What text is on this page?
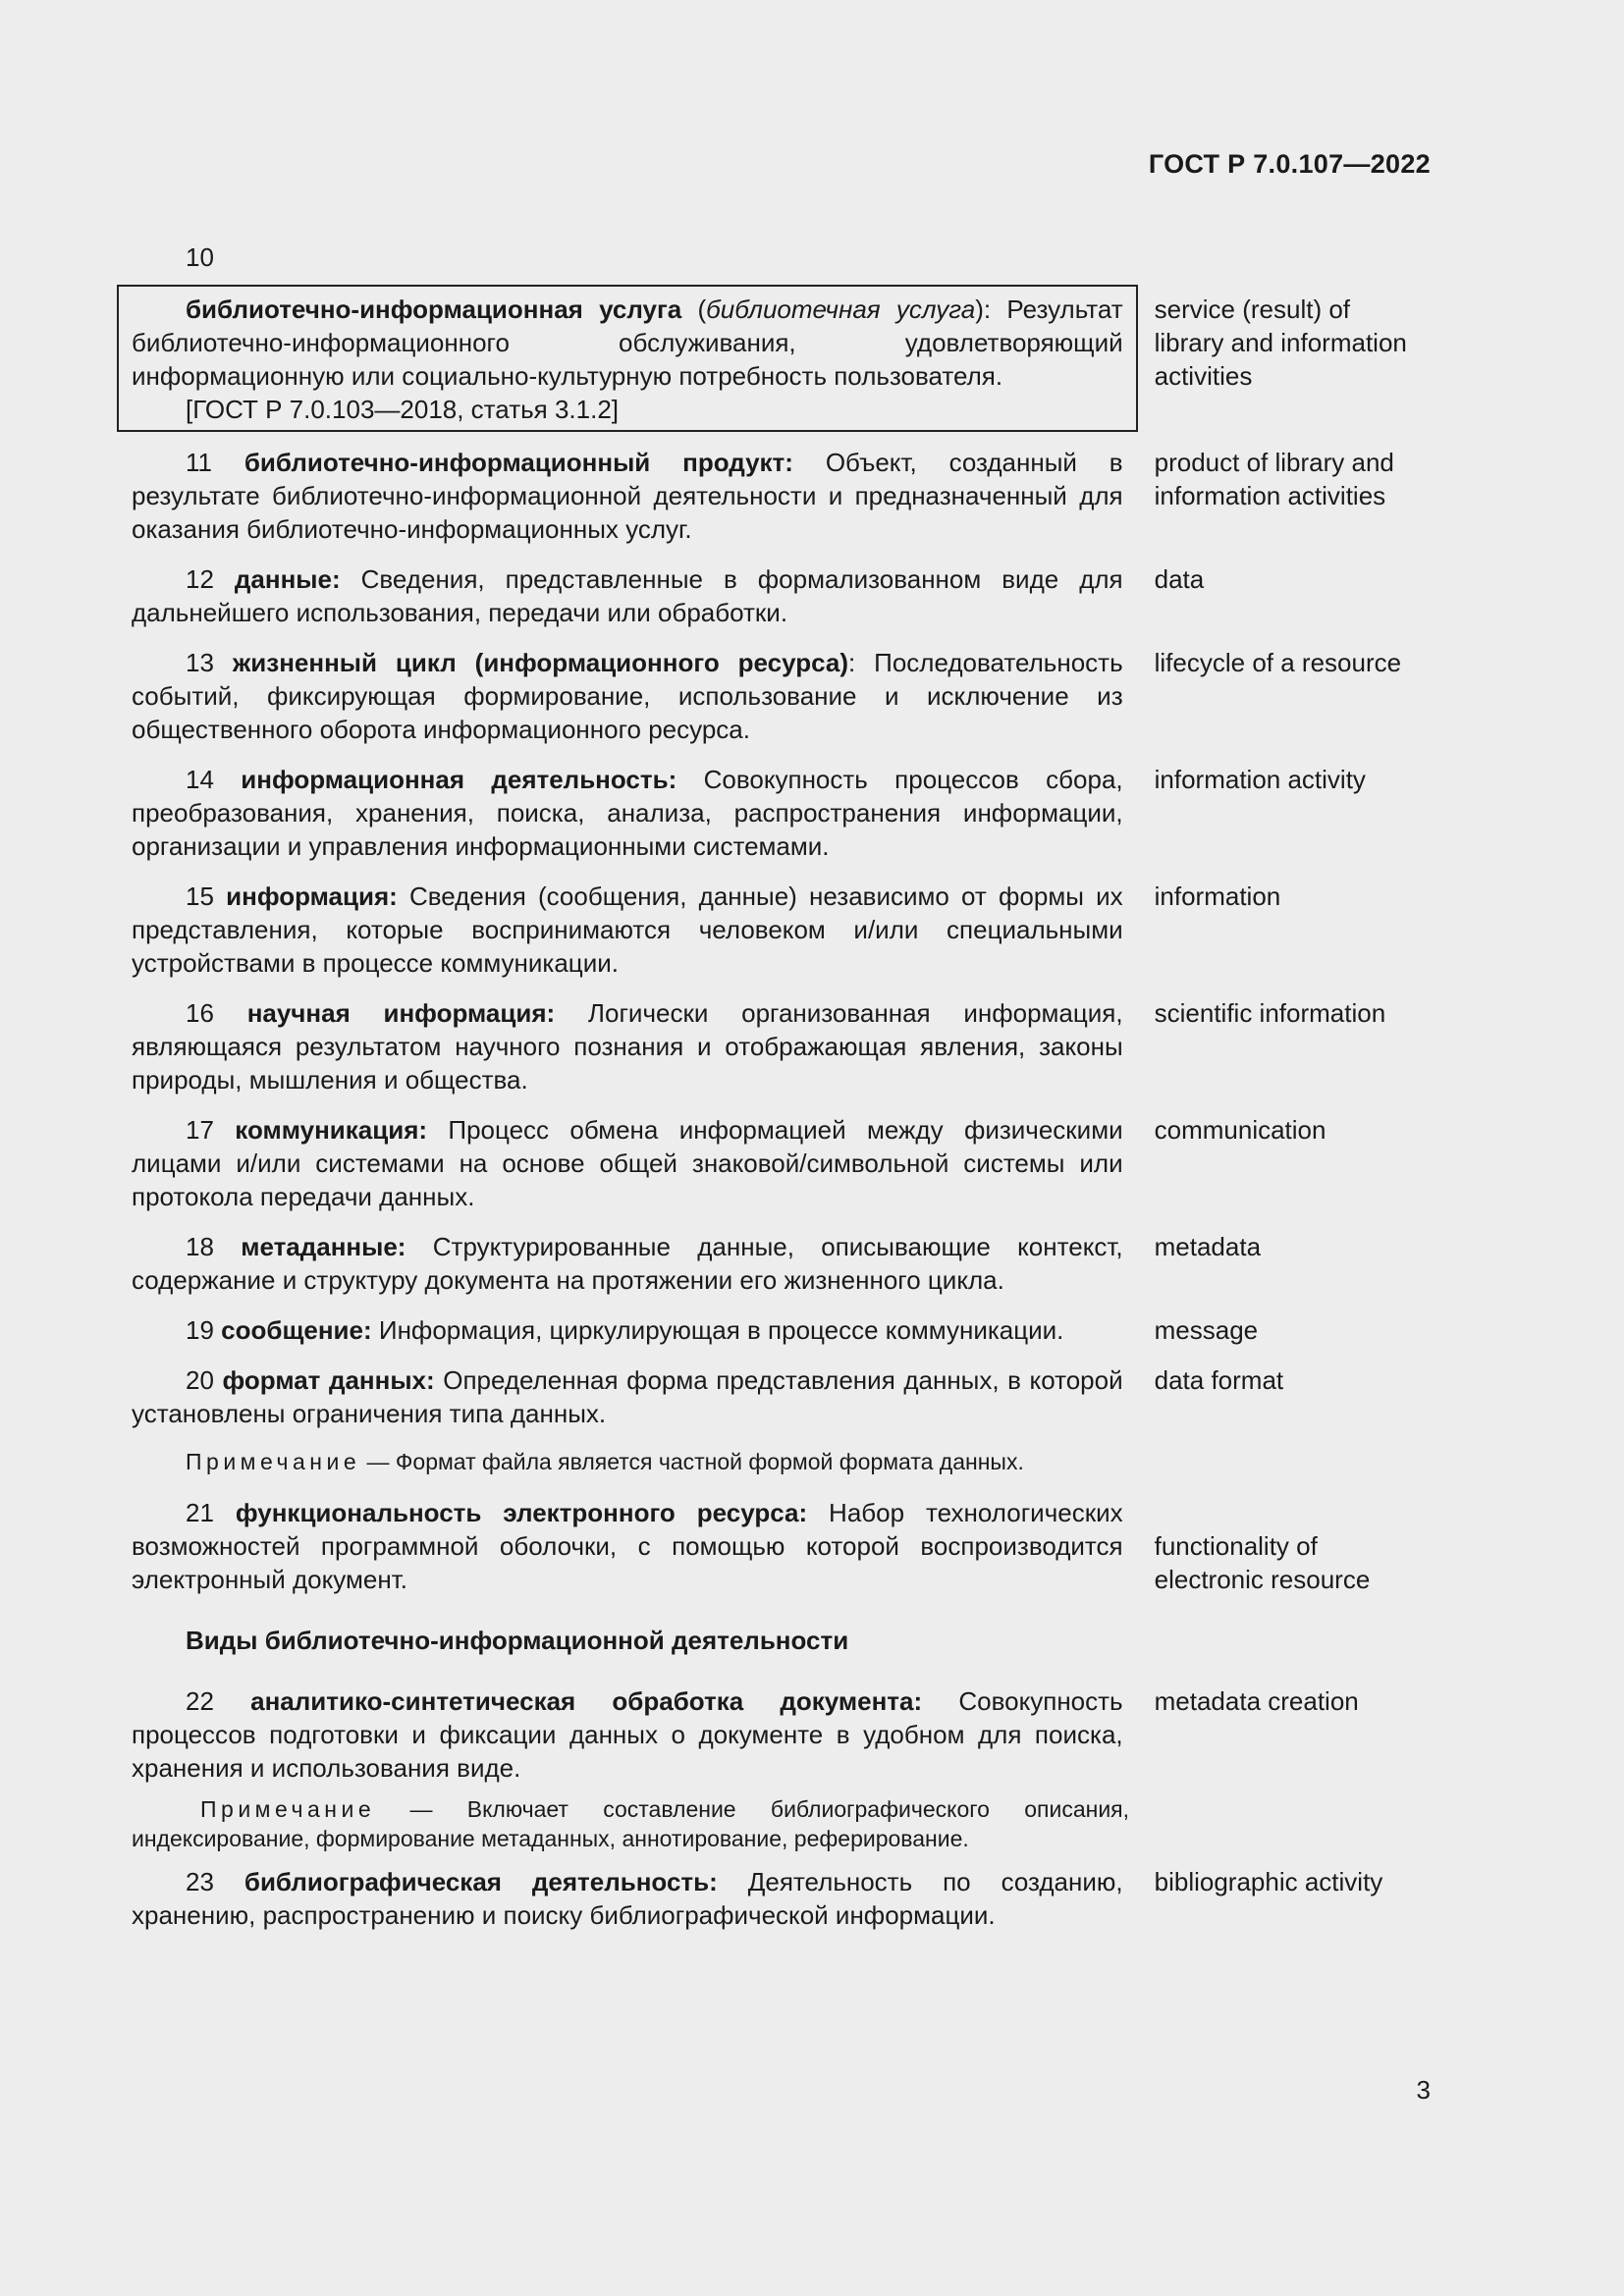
ГОСТ Р 7.0.107—2022
10
библиотечно-информационная услуга (библиотечная услуга): Результат библиотечно-информационного обслуживания, удовлетворяющий информационную или социально-культурную потребность пользователя.
[ГОСТ Р 7.0.103—2018, статья 3.1.2]
service (result) of library and information activities
11 библиотечно-информационный продукт: Объект, созданный в результате библиотечно-информационной деятельности и предназначенный для оказания библиотечно-информационных услуг.
product of library and information activities
12 данные: Сведения, представленные в формализованном виде для дальнейшего использования, передачи или обработки.
data
13 жизненный цикл (информационного ресурса): Последовательность событий, фиксирующая формирование, использование и исключение из общественного оборота информационного ресурса.
lifecycle of a resource
14 информационная деятельность: Совокупность процессов сбора, преобразования, хранения, поиска, анализа, распространения информации, организации и управления информационными системами.
information activity
15 информация: Сведения (сообщения, данные) независимо от формы их представления, которые воспринимаются человеком и/или специальными устройствами в процессе коммуникации.
information
16 научная информация: Логически организованная информация, являющаяся результатом научного познания и отображающая явления, законы природы, мышления и общества.
scientific information
17 коммуникация: Процесс обмена информацией между физическими лицами и/или системами на основе общей знаковой/символьной системы или протокола передачи данных.
communication
18 метаданные: Структурированные данные, описывающие контекст, содержание и структуру документа на протяжении его жизненного цикла.
metadata
19 сообщение: Информация, циркулирующая в процессе коммуникации.	message
20 формат данных: Определенная форма представления данных, в которой установлены ограничения типа данных.
data format
Примечание — Формат файла является частной формой формата данных.
21 функциональность электронного ресурса: Набор технологических возможностей программной оболочки, с помощью которой воспроизводится электронный документ.
functionality of electronic resource
Виды библиотечно-информационной деятельности
22 аналитико-синтетическая обработка документа: Совокупность процессов подготовки и фиксации данных о документе в удобном для поиска, хранения и использования виде.
metadata creation
Примечание — Включает составление библиографического описания, индексирование, формирование метаданных, аннотирование, реферирование.
23 библиографическая деятельность: Деятельность по созданию, хранению, распространению и поиску библиографической информации.
bibliographic activity
3
